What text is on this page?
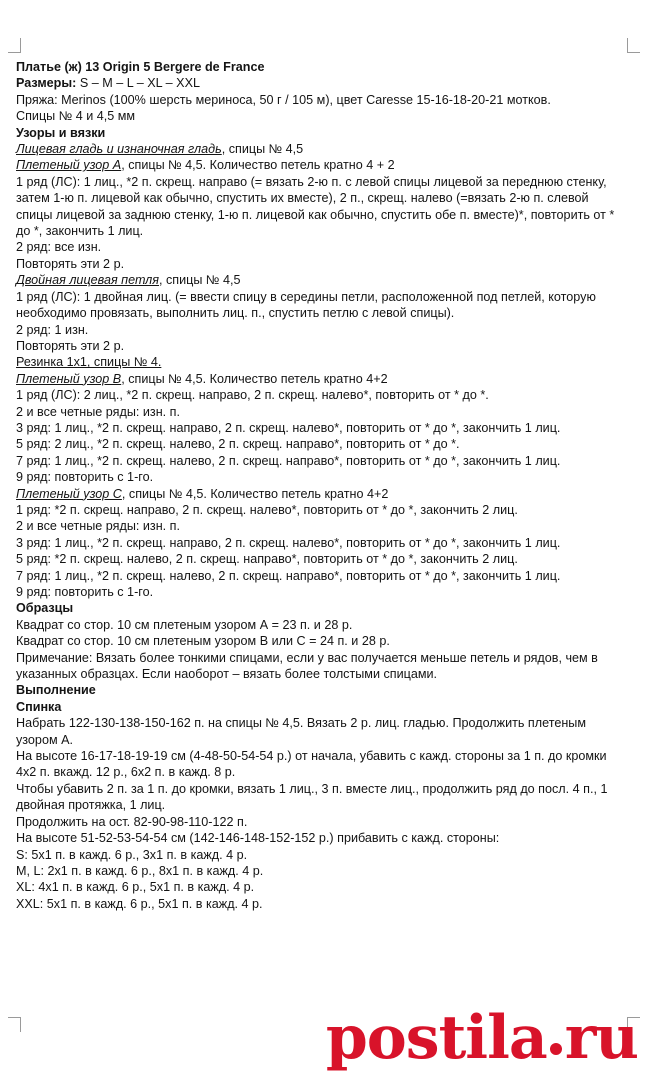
Платье (ж) 13 Origin 5 Bergere de France

Размеры: S – M – L – XL – XXL

Пряжа: Merinos (100% шерсть мериноса, 50 г / 105 м), цвет Caresse 15-16-18-20-21 мотков.

Спицы № 4 и 4,5 мм

Узоры и вязки

Лицевая гладь и изнаночная гладь, спицы № 4,5

Плетеный узор А, спицы № 4,5. Количество петель кратно 4 + 2

1 ряд (ЛС): 1 лиц., *2 п. скрещ. направо (= вязать 2-ю п. с левой спицы лицевой за переднюю стенку, затем 1-ю п. лицевой как обычно, спустить их вместе), 2 п., скрещ. налево (=вязать 2-ю п. слевой спицы лицевой за заднюю стенку, 1-ю п. лицевой как обычно, спустить обе п. вместе)*, повторить от * до *, закончить 1 лиц.

2 ряд: все изн.

Повторять эти 2 р.

Двойная лицевая петля, спицы № 4,5

1 ряд (ЛС): 1 двойная лиц. (= ввести спицу в середины петли, расположенной под петлей, которую необходимо провязать, выполнить лиц. п., спустить петлю с левой спицы).

2 ряд: 1 изн.

Повторять эти 2 р.

Резинка 1х1, спицы № 4.

Плетеный узор В, спицы № 4,5. Количество петель кратно 4+2

1 ряд (ЛС): 2 лиц., *2 п. скрещ. направо, 2 п. скрещ. налево*, повторить от * до *.

2 и все четные ряды: изн. п.

3 ряд: 1 лиц., *2 п. скрещ. направо, 2 п. скрещ. налево*, повторить от * до *, закончить 1 лиц.

5 ряд: 2 лиц., *2 п. скрещ. налево, 2 п. скрещ. направо*, повторить от * до *.

7 ряд: 1 лиц., *2 п. скрещ. налево, 2 п. скрещ. направо*, повторить от * до *, закончить 1 лиц.

9 ряд: повторить с 1-го.

Плетеный узор С, спицы № 4,5. Количество петель кратно 4+2

1 ряд: *2 п. скрещ. направо, 2 п. скрещ. налево*, повторить от * до *, закончить 2 лиц.

2 и все четные ряды: изн. п.

3 ряд: 1 лиц., *2 п. скрещ. направо, 2 п. скрещ. налево*, повторить от * до *, закончить 1 лиц.

5 ряд: *2 п. скрещ. налево, 2 п. скрещ. направо*, повторить от * до *, закончить 2 лиц.

7 ряд: 1 лиц., *2 п. скрещ. налево, 2 п. скрещ. направо*, повторить от * до *, закончить 1 лиц.

9 ряд: повторить с 1-го.

Образцы

Квадрат со стор. 10 см плетеным узором А = 23 п. и 28 р.

Квадрат со стор. 10 см плетеным узором В или С = 24 п. и 28 р.

Примечание: Вязать более тонкими спицами, если у вас получается меньше петель и рядов, чем в указанных образцах. Если наоборот – вязать более толстыми спицами.

Выполнение

Спинка

Набрать 122-130-138-150-162 п. на спицы № 4,5. Вязать 2 р. лиц. гладью. Продолжить плетеным узором А.

На высоте 16-17-18-19-19 см (4-48-50-54-54 р.) от начала, убавить с кажд. стороны за 1 п. до кромки 4х2 п. вкажд. 12 р., 6х2 п. в кажд. 8 р.

Чтобы убавить 2 п. за 1 п. до кромки, вязать 1 лиц., 3 п. вместе лиц., продолжить ряд до посл. 4 п., 1 двойная протяжка, 1 лиц.

Продолжить на ост. 82-90-98-110-122 п.

На высоте 51-52-53-54-54 см (142-146-148-152-152 р.) прибавить с кажд. стороны:

S: 5х1 п. в кажд. 6 р., 3х1 п. в кажд. 4 р.

M, L: 2х1 п. в кажд. 6 р., 8х1 п. в кажд. 4 р.

XL: 4х1 п. в кажд. 6 р., 5х1 п. в кажд. 4 р.

XXL: 5х1 п. в кажд. 6 р., 5х1 п. в кажд. 4 р.

postila ru
